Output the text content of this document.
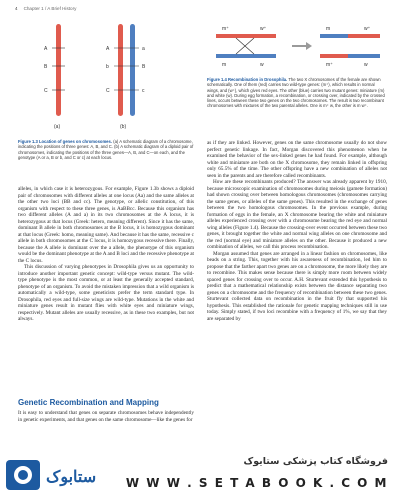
4 Chapter 1 / A Brief History
A
B
C
A
b
C
a
B
c
(a)	(b)
Figure 1.3 Location of genes on chromosomes. (a) A schematic diagram of a chromosome, indicating the positions of three genes: A, B, and C. (b) A schematic diagram of a diploid pair of chromosomes, indicating the positions of the three genes—A, B, and C—on each, and the genotype (A or a, B or b, and C or c) at each locus.
w⁺
w
m⁺
m
w⁺
w
m
m⁺
Figure 1.4 Recombination in Drosophila. The two X chromosomes of the female are shown schematically. One of them (red) carries two wild-type genes: (m⁺), which results in normal wings, and (w⁺), which gives red eyes. The other (blue) carries two mutant genes: miniature (m) and white (w). During egg formation, a recombination, or crossing over, indicated by the crossed lines, occurs between these two genes on the two chromosomes. The result is two recombinant chromosomes with mixtures of the two parental alleles. One is m⁺ w, the other is m w⁺.

alleles, in which case it is heterozygous. For example, Figure 1.3b shows a diploid pair of chromosomes with different alleles at one locus (Aa) and the same alleles at the other two loci (BB and cc). The genotype, or allelic constitution, of this organism with respect to these three genes, is AaBBcc. Because this organism has two different alleles (A and a) in its two chromosomes at the A locus, it is heterozygous at that locus (Greek: hetero, meaning different). Since it has the same, dominant B allele in both chromosomes at the B locus, it is homozygous dominant at that locus (Greek: homo, meaning same). And because it has the same, recessive c allele in both chromosomes at the C locus, it is homozygous recessive there. Finally, because the A allele is dominant over the a allele, the phenotype of this organism would be the dominant phenotype at the A and B loci and the recessive phenotype at the C locus.

This discussion of varying phenotypes in Drosophila gives us an opportunity to introduce another important genetic concept: wild-type versus mutant. The wild-type phenotype is the most common, or at least the generally accepted standard, phenotype of an organism. To avoid the mistaken impression that a wild organism is automatically a wild-type, some geneticists prefer the term standard type. In Drosophila, red eyes and full-size wings are wild-type. Mutations in the white and miniature genes result in mutant flies with white eyes and miniature wings, respectively. Mutant alleles are usually recessive, as in these two examples, but not always.

Genetic Recombination and Mapping

It is easy to understand that genes on separate chromosomes behave independently in genetic experiments, and that genes on the same chromosome—like the genes for

as if they are linked. However, genes on the same chromosome usually do not show perfect genetic linkage. In fact, Morgan discovered this phenomenon when he examined the behavior of the sex-linked genes he had found. For example, although white and miniature are both on the X chromosome, they remain linked in offspring only 65.5% of the time. The other offspring have a new combination of alleles not seen in the parents and are therefore called recombinants.

How are these recombinants produced? The answer was already apparent by 1910, because microscopic examination of chromosomes during meiosis (gamete formation) had shown crossing over between homologous chromosomes (chromosomes carrying the same genes, or alleles of the same genes). This resulted in the exchange of genes between the two homologous chromosomes. In the previous example, during formation of eggs in the female, an X chromosome bearing the white and miniature alleles experienced crossing over with a chromosome bearing the red eye and normal wing alleles (Figure 1.4). Because the crossing-over event occurred between these two genes, it brought together the white and normal wing alleles on one chromosome and the red (normal eye) and miniature alleles on the other. Because it produced a new combination of alleles, we call this process recombination.

Morgan assumed that genes are arranged in a linear fashion on chromosomes, like beads on a string. This, together with his awareness of recombination, led him to propose that the farther apart two genes are on a chromosome, the more likely they are to recombine. This makes sense because there is simply more room between widely spaced genes for crossing over to occur. A.H. Sturtevant extended this hypothesis to predict that a mathematical relationship exists between the distance separating two genes on a chromosome and the frequency of recombination between these two genes. Sturtevant collected data on recombination in the fruit fly that supported his hypothesis. This established the rationale for genetic mapping techniques still in use today. Simply stated, if two loci recombine with a frequency of 1%, we say that they are separated by

ستابوک
فروشگاه کتاب پزشکی ستایوک
W W W . S E T A B O O K . C O M
